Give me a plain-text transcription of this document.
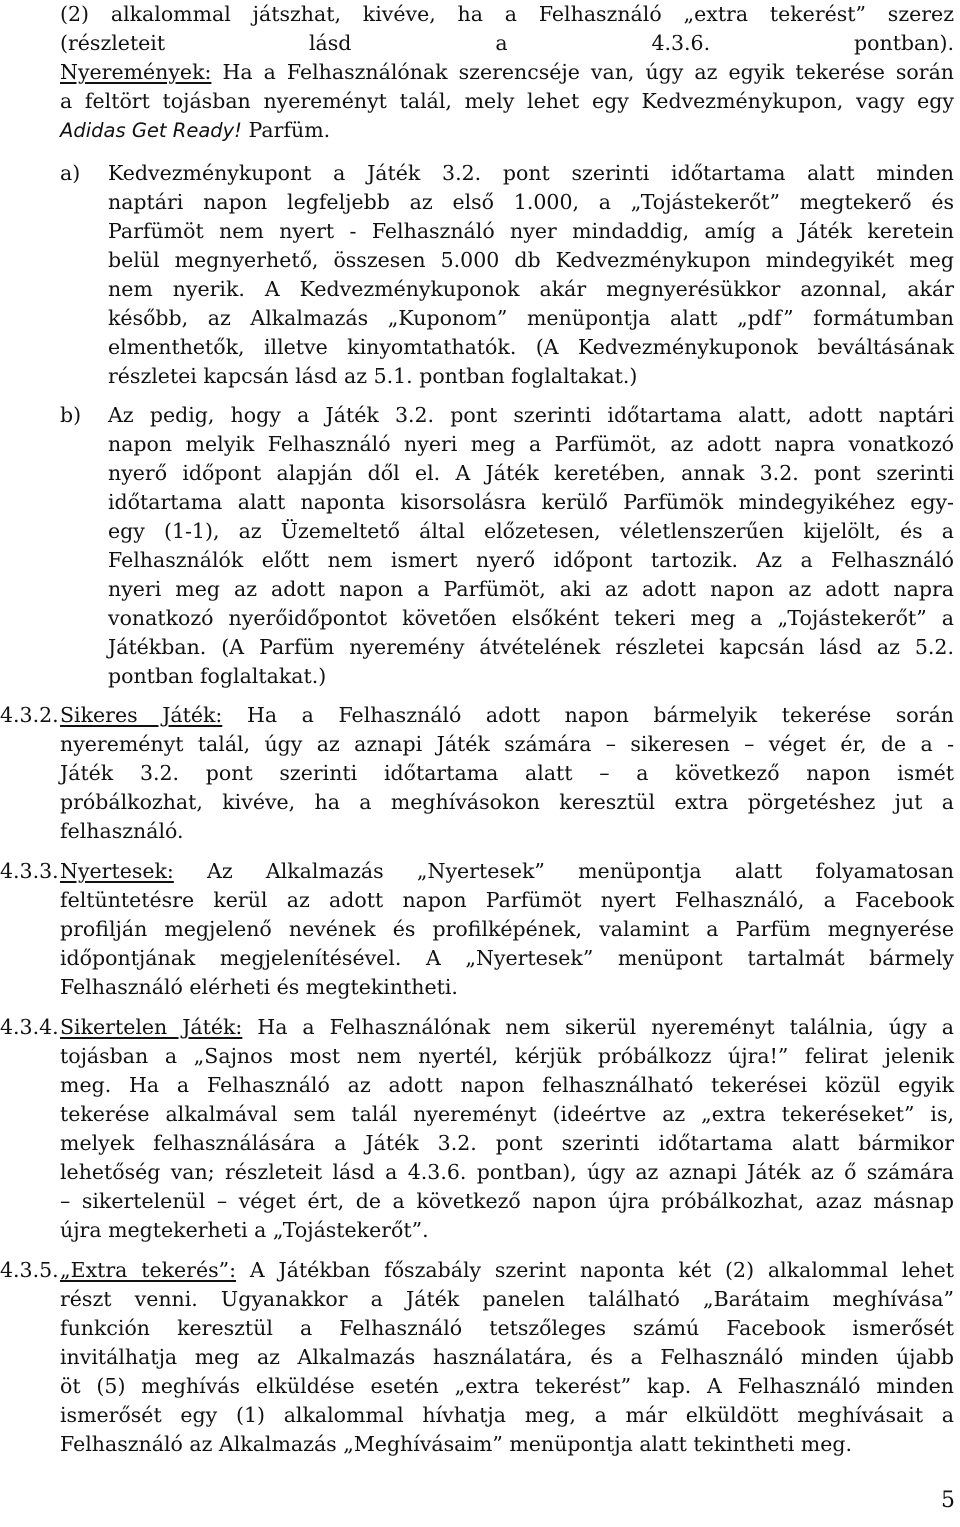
(2) alkalommal játszhat, kivéve, ha a Felhasználó „extra tekerést” szerez
(részleteit lásd a 4.3.6. pontban).
Nyeremények: Ha a Felhasználónak szerencséje van, úgy az egyik tekerése során
a feltört tojásban nyereményt talál, mely lehet egy Kedvezménykupon, vagy egy
Adidas Get Ready! Parfüm.
a)	Kedvezménykupont a Játék 3.2. pont szerinti időtartama alatt minden
naptári napon legfeljebb az első 1.000, a „Tojástekerőt” megtekerő és
Parfümöt nem nyert - Felhasználó nyer mindaddig, amíg a Játék keretein
belül megnyerhető, összesen 5.000 db Kedvezménykupon mindegyikét meg
nem nyerik. A Kedvezménykuponok akár megnyerésükkor azonnal, akár
később, az Alkalmazás „Kuponom” menüpontja alatt „pdf” formátumban
elmenthetők, illetve kinyomtathatók. (A Kedvezménykuponok beváltásának
részletei kapcsán lásd az 5.1. pontban foglaltakat.)
b)	Az pedig, hogy a Játék 3.2. pont szerinti időtartama alatt, adott naptári
napon melyik Felhasználó nyeri meg a Parfümöt, az adott napra vonatkozó
nyerő időpont alapján dől el. A Játék keretében, annak 3.2. pont szerinti
időtartama alatt naponta kisorsolásra kerülő Parfümök mindegyikéhez egy-
egy (1-1), az Üzemeltető által előzetesen, véletlenszerűen kijelölt, és a
Felhasználók előtt nem ismert nyerő időpont tartozik. Az a Felhasználó
nyeri meg az adott napon a Parfümöt, aki az adott napon az adott napra
vonatkozó nyerőidőpontot követően elsőként tekeri meg a „Tojástekerőt” a
Játékban. (A Parfüm nyeremény átvételének részletei kapcsán lásd az 5.2.
pontban foglaltakat.)
4.3.2. Sikeres Játék: Ha a Felhasználó adott napon bármelyik tekerése során
nyereményt talál, úgy az aznapi Játék számára – sikeresen – véget ér, de a -
Játék 3.2. pont szerinti időtartama alatt – a következő napon ismét
próbálkozhat, kivéve, ha a meghívásokon keresztül extra pörgetéshez jut a
felhasználó.
4.3.3. Nyertesek: Az Alkalmazás „Nyertesek” menüpontja alatt folyamatosan
feltüntetésre kerül az adott napon Parfümöt nyert Felhasználó, a Facebook
profilján megjelenő nevének és profilképének, valamint a Parfüm megnyerése
időpontjának megjelenítésével. A „Nyertesek” menüpont tartalmát bármely
Felhasználó elérheti és megtekintheti.
4.3.4. Sikertelen Játék: Ha a Felhasználónak nem sikerül nyereményt találnia, úgy a
tojásban a „Sajnos most nem nyertél, kérjük próbálkozz újra!” felirat jelenik
meg. Ha a Felhasználó az adott napon felhasználható tekerései közül egyik
tekerése alkalmával sem talál nyereményt (ideértve az „extra tekeréseket” is,
melyek felhasználására a Játék 3.2. pont szerinti időtartama alatt bármikor
lehetőség van; részleteit lásd a 4.3.6. pontban), úgy az aznapi Játék az ő számára
– sikertelenül – véget ért, de a következő napon újra próbálkozhat, azaz másnap
újra megtekerheti a „Tojástekerőt”.
4.3.5. „Extra tekerés”: A Játékban főszabály szerint naponta két (2) alkalommal lehet
részt venni. Ugyanakkor a Játék panelen található „Barátaim meghívása”
funkción keresztül a Felhasználó tetszőleges számú Facebook ismerősét
invitálhatja meg az Alkalmazás használatára, és a Felhasználó minden újabb
öt (5) meghívás elküldése esetén „extra tekerést” kap. A Felhasználó minden
ismerősét egy (1) alkalommal hívhatja meg, a már elküldött meghívásait a
Felhasználó az Alkalmazás „Meghívásaim” menüpontja alatt tekintheti meg.
5
